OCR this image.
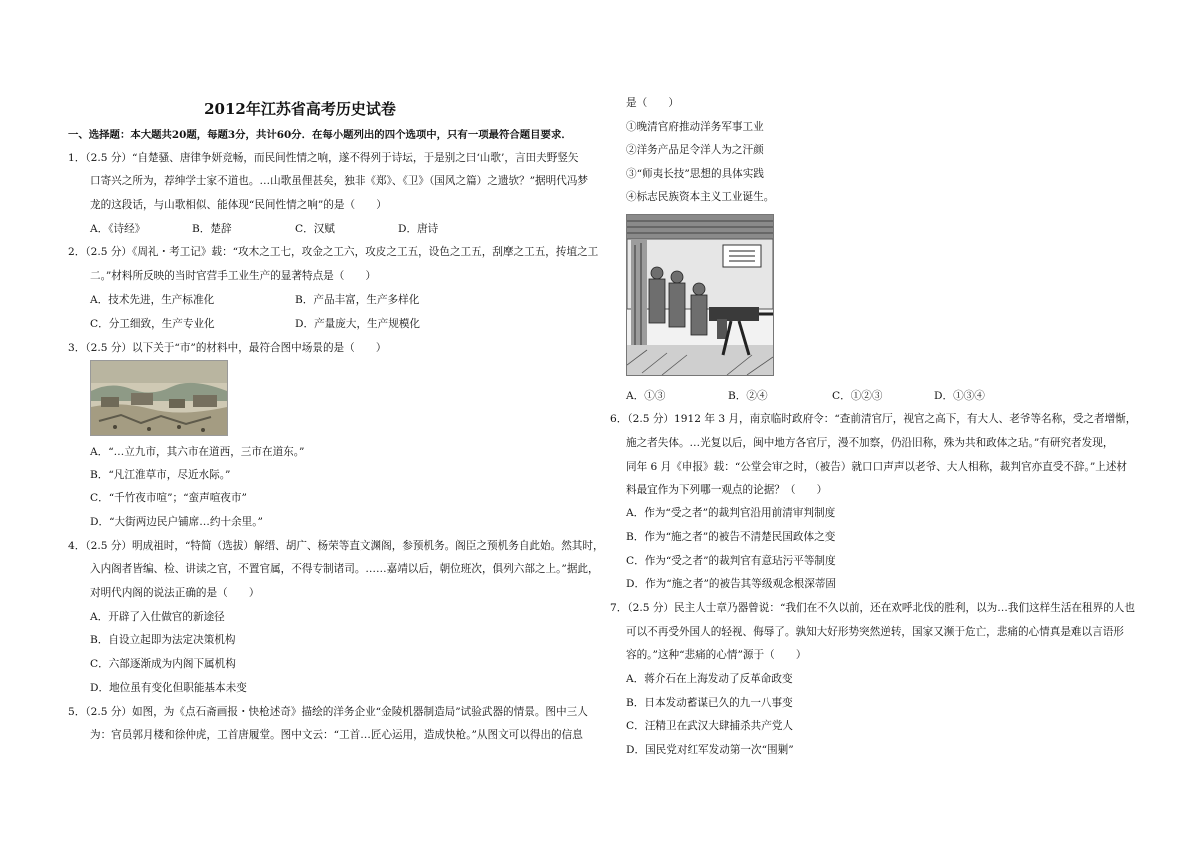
2012年江苏省高考历史试卷
一、选择题：本大题共20题，每题3分，共计60分．在每小题列出的四个选项中，只有一项最符合题目要求．
1．（2.5 分）“自楚骚、唐律争妍竞畅，而民间性情之响，遂不得列于诗坛，于是别之曰‘山歌’，言田夫野竖矢
口寄兴之所为，荐绅学士家不道也。…山歌虽俚甚矣，独非《郑》、《卫》（国风之篇）之遗欤？”据明代冯梦
龙的这段话，与山歌相似、能体现“民间性情之响”的是（　　）
A．《诗经》	B．楚辞	C．汉赋	D．唐诗
2．（2.5 分）《周礼・考工记》载：“攻木之工七，攻金之工六，攻皮之工五，设色之工五，刮摩之工五，抟埴之工
二。”材料所反映的当时官营手工业生产的显著特点是（　　）
A．技术先进，生产标准化	B．产品丰富，生产多样化
C．分工细致，生产专业化	D．产量庞大，生产规模化
3．（2.5 分）以下关于“市”的材料中，最符合图中场景的是（　　）
A．“…立九市，其六市在道西，三市在道东。”
B．“凡江淮草市，尽近水际。”
C．“千竹夜市喧”；“蛮声喧夜市”
D．“大街两边民户铺席…约十余里。”
4．（2.5 分）明成祖时，“特简（选拔）解缙、胡广、杨荣等直文渊阁，参预机务。阁臣之预机务自此始。然其时，
入内阁者皆编、检、讲读之官，不置官属，不得专制诸司。……嘉靖以后，朝位班次，俱列六部之上。”据此，
对明代内阁的说法正确的是（　　）
A．开辟了入仕做官的新途径
B．自设立起即为法定决策机构
C．六部逐渐成为内阁下属机构
D．地位虽有变化但职能基本未变
5．（2.5 分）如图，为《点石斋画报・快枪述奇》描绘的洋务企业“金陵机器制造局”试验武器的情景。图中三人
为：官员郭月楼和徐仲虎，工首唐履堂。图中文云：“工首…匠心运用，造成快枪。”从图文可以得出的信息
是（　　）
①晚清官府推动洋务军事工业
②洋务产品足令洋人为之汗颜
③“师夷长技”思想的具体实践
④标志民族资本主义工业诞生。
A．①③	B．②④	C．①②③	D．①③④
6．（2.5 分）1912 年 3 月，南京临时政府令：“查前清官厅，视官之高下，有大人、老爷等名称，受之者增惭，
施之者失体。…光复以后，闽中地方各官厅，漫不加察，仍沿旧称，殊为共和政体之玷。”有研究者发现，
同年 6 月《申报》载：“公堂会审之时，（被告）就口口声声以老爷、大人相称，裁判官亦直受不辞。”上述材
料最宜作为下列哪一观点的论据？（　　）
A．作为“受之者”的裁判官沿用前清审判制度
B．作为“施之者”的被告不清楚民国政体之变
C．作为“受之者”的裁判官有意玷污平等制度
D．作为“施之者”的被告其等级观念根深蒂固
7．（2.5 分）民主人士章乃器曾说：“我们在不久以前，还在欢呼北伐的胜利，以为…我们这样生活在租界的人也
可以不再受外国人的轻视、侮辱了。孰知大好形势突然逆转，国家又濒于危亡，悲痛的心情真是难以言语形
容的。”这种“悲痛的心情”源于（　　）
A．蒋介石在上海发动了反革命政变
B．日本发动蓄谋已久的九一八事变
C．汪精卫在武汉大肆捕杀共产党人
D．国民党对红军发动第一次“围剿”
